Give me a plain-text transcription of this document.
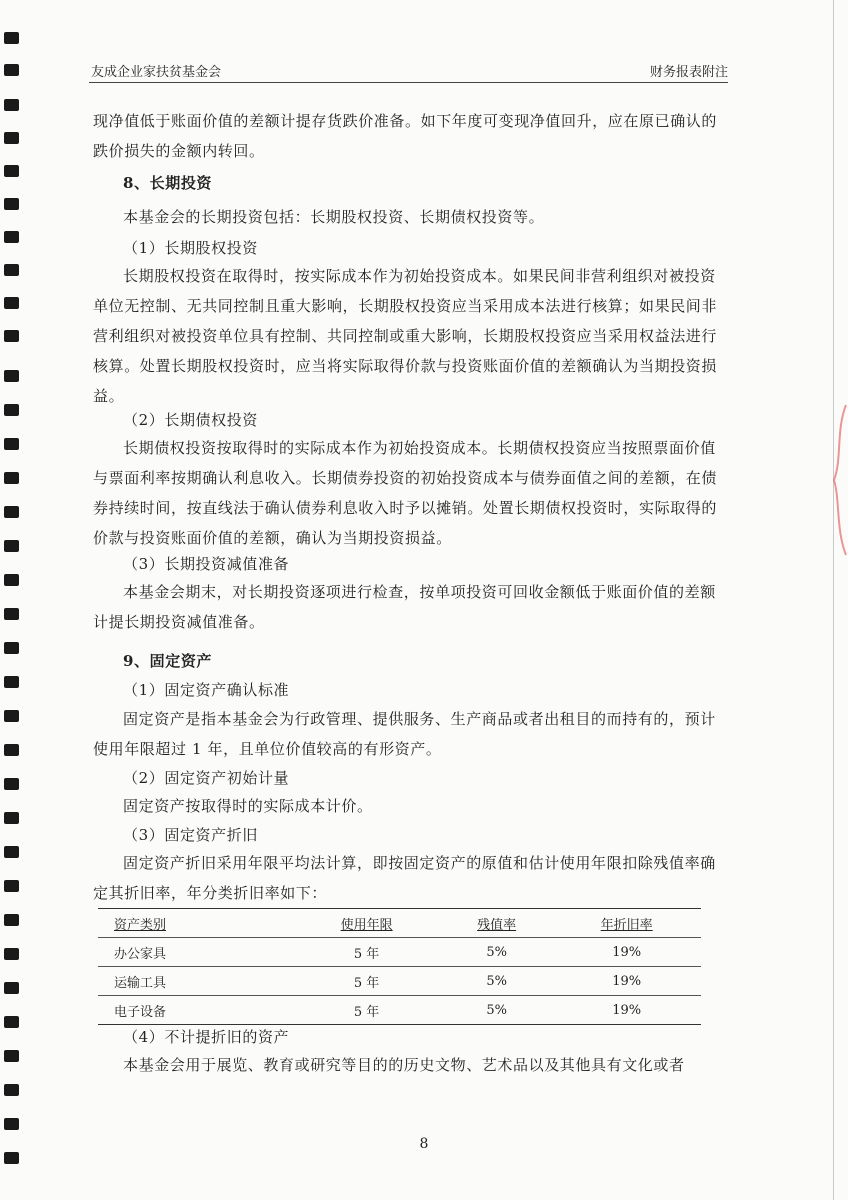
友成企业家扶贫基金会	财务报表附注

现净值低于账面价值的差额计提存货跌价准备。如下年度可变现净值回升，应在原已确认的跌价损失的金额内转回。

8、长期投资

本基金会的长期投资包括：长期股权投资、长期债权投资等。

（1）长期股权投资

长期股权投资在取得时，按实际成本作为初始投资成本。如果民间非营利组织对被投资单位无控制、无共同控制且重大影响，长期股权投资应当采用成本法进行核算；如果民间非营利组织对被投资单位具有控制、共同控制或重大影响，长期股权投资应当采用权益法进行核算。处置长期股权投资时，应当将实际取得价款与投资账面价值的差额确认为当期投资损益。

（2）长期债权投资

长期债权投资按取得时的实际成本作为初始投资成本。长期债权投资应当按照票面价值与票面利率按期确认利息收入。长期债券投资的初始投资成本与债券面值之间的差额，在债券持续时间，按直线法于确认债券利息收入时予以摊销。处置长期债权投资时，实际取得的价款与投资账面价值的差额，确认为当期投资损益。

（3）长期投资减值准备

本基金会期末，对长期投资逐项进行检查，按单项投资可回收金额低于账面价值的差额计提长期投资减值准备。

9、固定资产

（1）固定资产确认标准

固定资产是指本基金会为行政管理、提供服务、生产商品或者出租目的而持有的，预计使用年限超过 1 年，且单位价值较高的有形资产。

（2）固定资产初始计量

固定资产按取得时的实际成本计价。

（3）固定资产折旧

固定资产折旧采用年限平均法计算，即按固定资产的原值和估计使用年限扣除残值率确定其折旧率，年分类折旧率如下：

资产类别	使用年限	残值率	年折旧率
办公家具	5 年	5%	19%
运输工具	5 年	5%	19%
电子设备	5 年	5%	19%

（4）不计提折旧的资产

本基金会用于展览、教育或研究等目的的历史文物、艺术品以及其他具有文化或者

8
